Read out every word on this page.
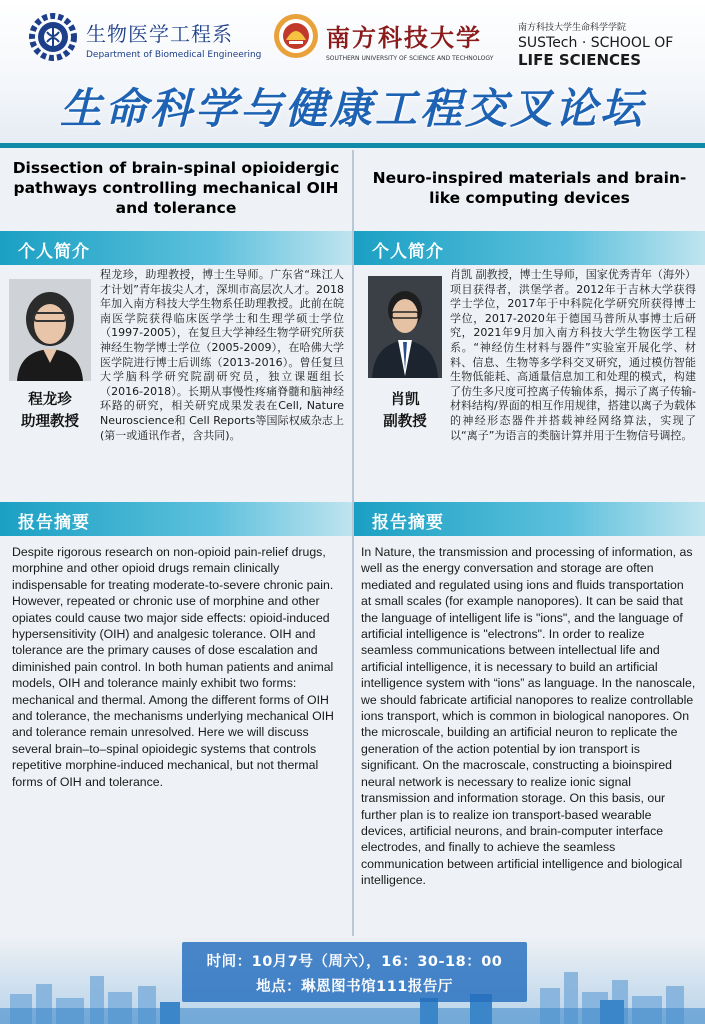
生物医学工程系
Department of Biomedical Engineering
南方科技大学
SOUTHERN UNIVERSITY OF SCIENCE AND TECHNOLOGY
南方科技大学生命科学学院
SUSTech · SCHOOL OF
LIFE SCIENCES
生命科学与健康工程交叉论坛
Dissection of brain-spinal opioidergic pathways controlling mechanical OIH and tolerance
个人简介
程龙珍
助理教授
程龙珍，助理教授，博士生导师。广东省“珠江人才计划”青年拔尖人才，深圳市高层次人才。2018年加入南方科技大学生物系任助理教授。此前在皖南医学院获得临床医学学士和生理学硕士学位（1997-2005），在复旦大学神经生物学研究所获神经生物学博士学位（2005-2009），在哈佛大学医学院进行博士后训练（2013-2016）。曾任复旦大学脑科学研究院副研究员，独立课题组长（2016-2018）。长期从事慢性疼痛脊髓和脑神经环路的研究，相关研究成果发表在Cell, Nature Neuroscience和 Cell Reports等国际权威杂志上(第一或通讯作者，含共同)。
报告摘要
Despite rigorous research on non-opioid pain-relief drugs, morphine and other opioid drugs remain clinically indispensable for treating moderate-to-severe chronic pain. However, repeated or chronic use of morphine and other opiates could cause two major side effects: opioid-induced hypersensitivity (OIH) and analgesic tolerance. OIH and tolerance are the primary causes of dose escalation and diminished pain control. In both human patients and animal models, OIH and tolerance mainly exhibit two forms: mechanical and thermal. Among the different forms of OIH and tolerance, the mechanisms underlying mechanical OIH and tolerance remain unresolved. Here we will discuss several brain–to–spinal opioidegic systems that controls repetitive morphine-induced mechanical, but not thermal forms of OIH and tolerance.
Neuro-inspired materials and brain-like computing devices
个人简介
肖凯
副教授
肖凯 副教授，博士生导师，国家优秀青年（海外）项目获得者，洪堡学者。2012年于吉林大学获得学士学位，2017年于中科院化学研究所获得博士学位，2017-2020年于德国马普所从事博士后研究，2021年9月加入南方科技大学生物医学工程系。“神经仿生材料与器件”实验室开展化学、材料、信息、生物等多学科交叉研究，通过模仿智能生物低能耗、高通量信息加工和处理的模式，构建了仿生多尺度可控离子传输体系，揭示了离子传输-材料结构/界面的相互作用规律，搭建以离子为载体的神经形态器件并搭载神经网络算法，实现了以“离子”为语言的类脑计算并用于生物信号调控。
报告摘要
In Nature, the transmission and processing of information, as well as the energy conversation and storage are often mediated and regulated using ions and fluids transportation at small scales (for example nanopores). It can be said that the language of intelligent life is "ions", and the language of artificial intelligence is "electrons". In order to realize seamless communications between intellectual life and artificial intelligence, it is necessary to build an artificial intelligence system with “ions” as language. In the nanoscale, we should fabricate artificial nanopores to realize controllable ions transport, which is common in biological nanopores. On the microscale, building an artificial neuron to replicate the generation of the action potential by ion transport is significant. On the macroscale, constructing a bioinspired neural network is necessary to realize ionic signal transmission and information storage. On this basis, our further plan is to realize ion transport-based wearable devices, artificial neurons, and brain-computer interface electrodes, and finally to achieve the seamless communication between artificial intelligence and biological intelligence.
时间：10月7号（周六），16：30-18：00
地点：琳恩图书馆111报告厅
